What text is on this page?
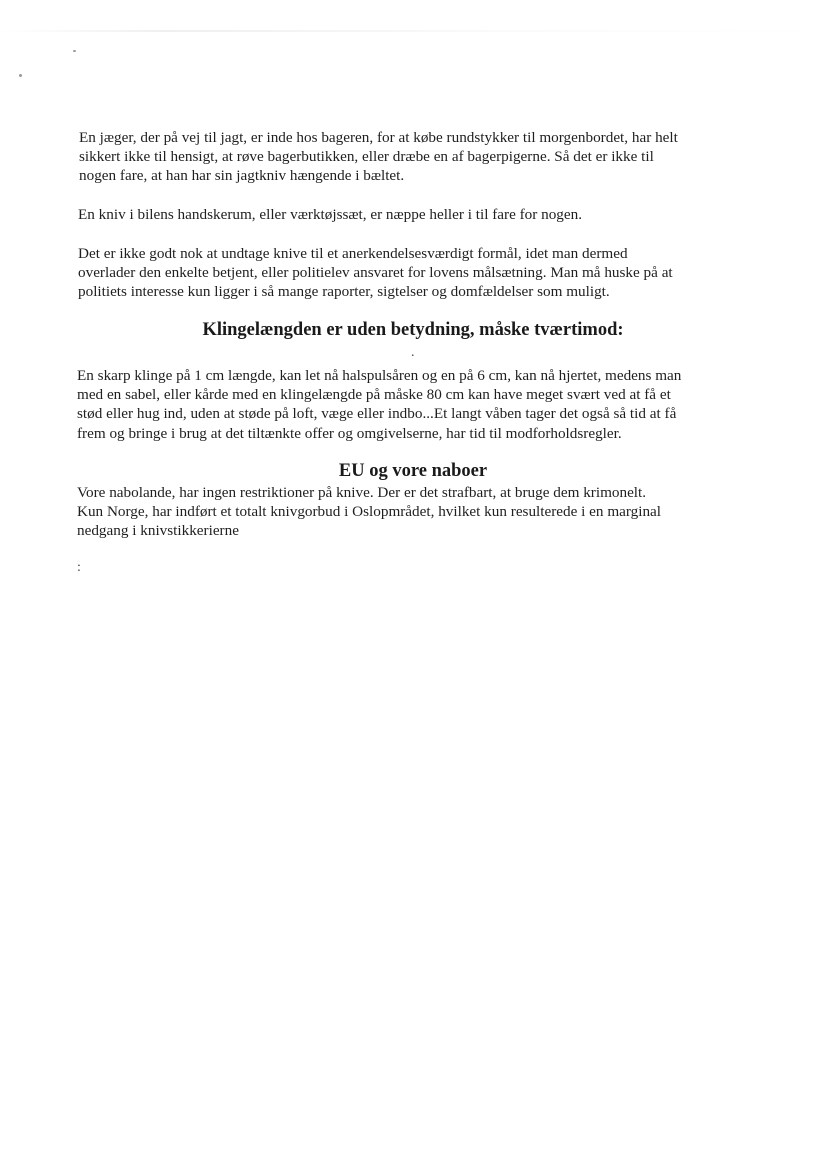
En jæger, der på vej til jagt, er inde hos bageren, for at købe rundstykker til morgenbordet, har helt
sikkert ikke til hensigt, at røve bagerbutikken, eller dræbe en af bagerpigerne. Så det er ikke til
nogen fare, at han har sin jagtkniv hængende i bæltet.

En kniv i bilens handskerum, eller værktøjssæt, er næppe heller i til fare for nogen.

Det er ikke godt nok at undtage knive til et anerkendelsesværdigt formål, idet man dermed
overlader den enkelte betjent, eller politielev ansvaret for lovens målsætning. Man må huske på at
politiets interesse kun ligger i så mange raporter, sigtelser og domfældelser som muligt.

Klingelængden er uden betydning, måske tværtimod:
.

En skarp klinge på 1 cm længde, kan let nå halspulsåren og en på 6 cm, kan nå hjertet, medens man
med en sabel, eller kårde med en klingelængde på måske 80 cm kan have meget svært ved at få et
stød eller hug ind, uden at støde på loft, væge eller indbo...Et langt våben tager det også så tid at få
frem og bringe i brug at det tiltænkte offer og omgivelserne, har tid til modforholdsregler.

EU og vore naboer

Vore nabolande, har ingen restriktioner på knive. Der er det strafbart, at bruge dem krimonelt.
Kun Norge, har indført et totalt knivgorbud i Oslopmrådet, hvilket kun resulterede i en marginal
nedgang i knivstikkerierne

:
